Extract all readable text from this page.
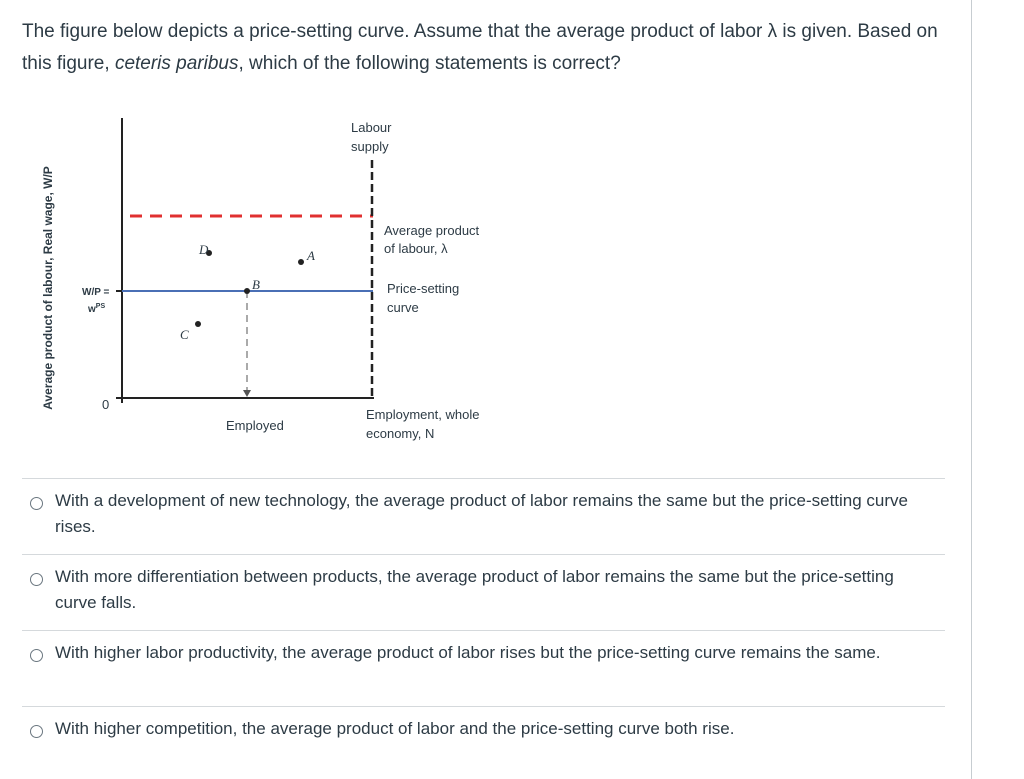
The figure below depicts a price-setting curve. Assume that the average product of labor λ is given. Based on this figure, ceteris paribus, which of the following statements is correct?
Average product of labour, Real wage, W/P	0
W/P =
$w^{PS}$
Labour
supply
Average product
of labour, λ
Price-setting
curve
Employed
Employment, whole
economy, N
D	A
B
C
With a development of new technology, the average product of labor remains the same but the price-setting curve rises.
With more differentiation between products, the average product of labor remains the same but the price-setting curve falls.
With higher labor productivity, the average product of labor rises but the price-setting curve remains the same.
With higher competition, the average product of labor and the price-setting curve both rise.
